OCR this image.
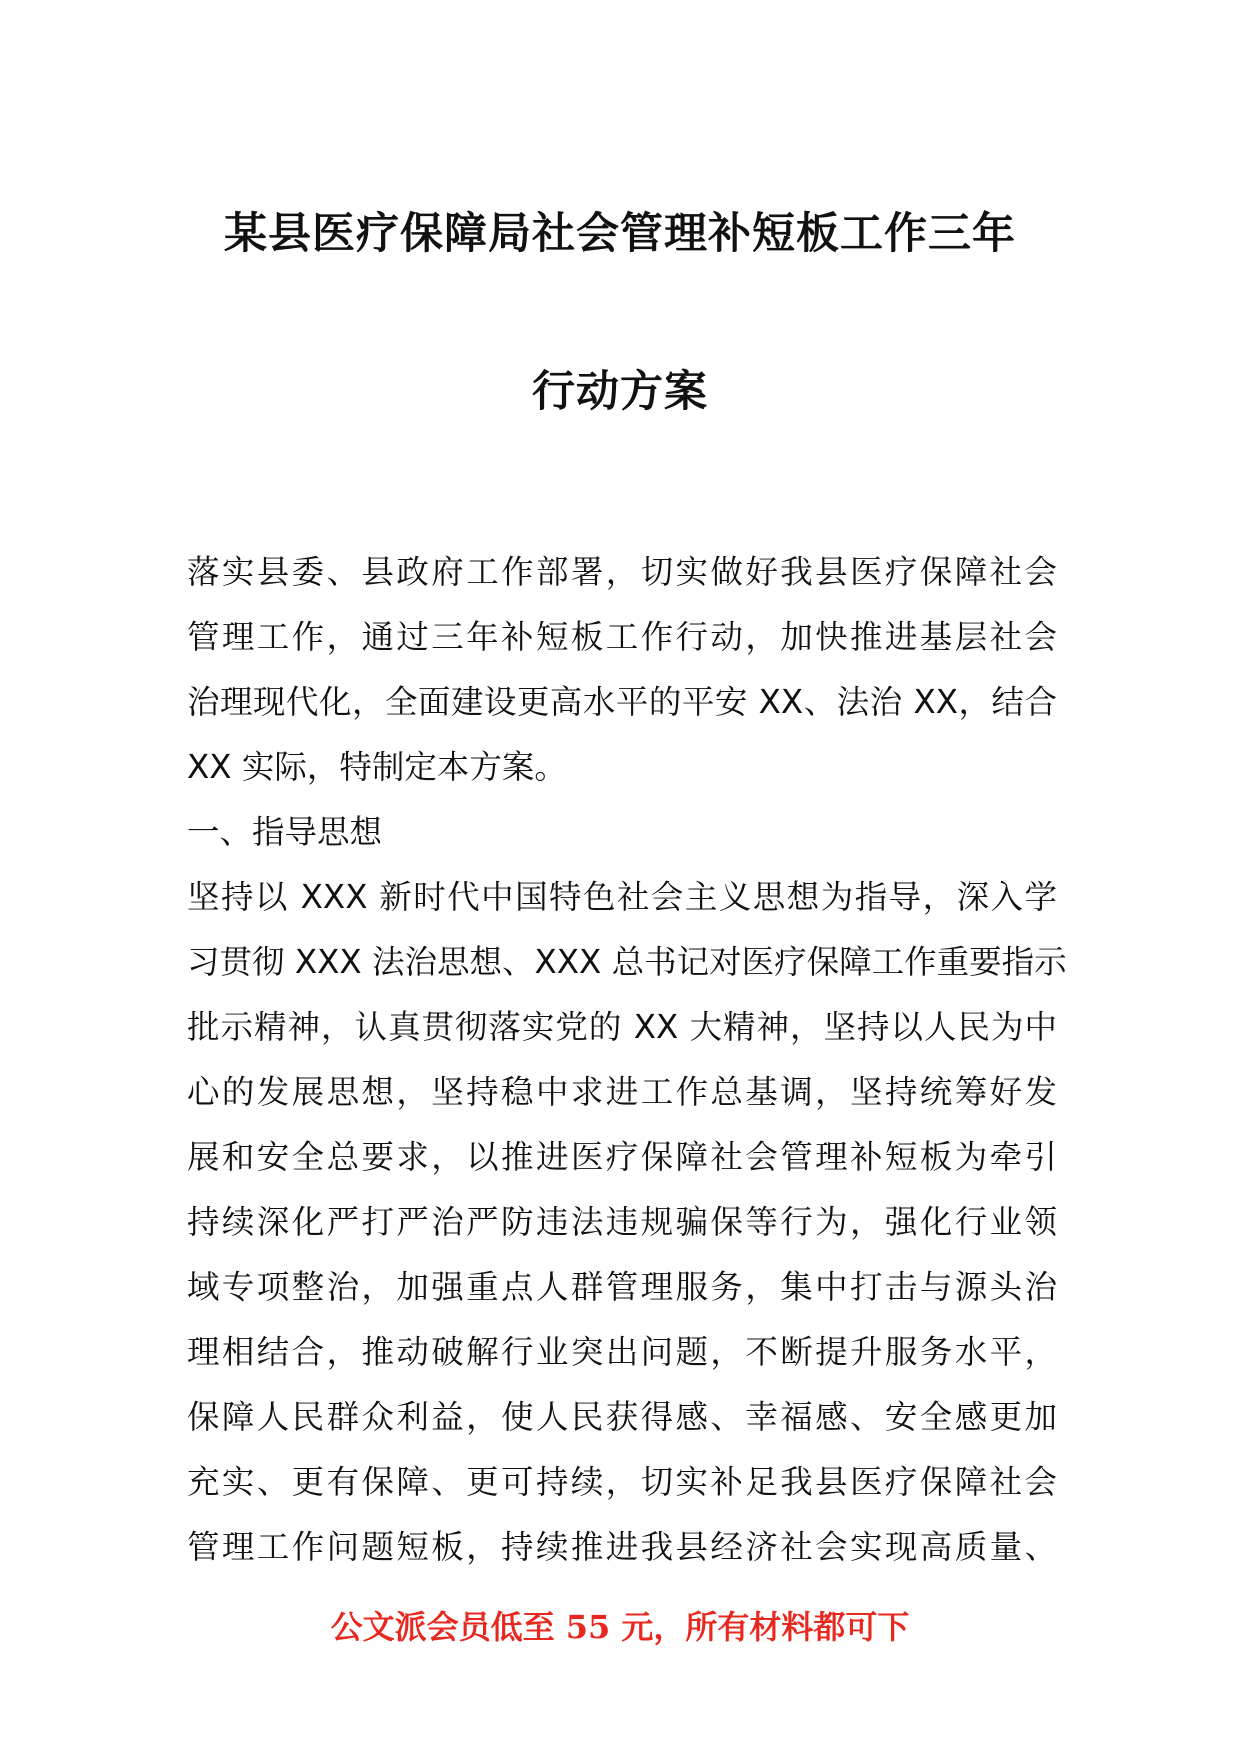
某县医疗保障局社会管理补短板工作三年
行动方案
落实县委、县政府工作部署，切实做好我县医疗保障社会
管理工作，通过三年补短板工作行动，加快推进基层社会
治理现代化，全面建设更高水平的平安 XX、法治 XX，结合
XX 实际，特制定本方案。
一、指导思想
坚持以 XXX 新时代中国特色社会主义思想为指导，深入学
习贯彻 XXX 法治思想、XXX 总书记对医疗保障工作重要指示
批示精神，认真贯彻落实党的 XX 大精神，坚持以人民为中
心的发展思想，坚持稳中求进工作总基调，坚持统筹好发
展和安全总要求，以推进医疗保障社会管理补短板为牵引
持续深化严打严治严防违法违规骗保等行为，强化行业领
域专项整治，加强重点人群管理服务，集中打击与源头治
理相结合，推动破解行业突出问题，不断提升服务水平，
保障人民群众利益，使人民获得感、幸福感、安全感更加
充实、更有保障、更可持续，切实补足我县医疗保障社会
管理工作问题短板，持续推进我县经济社会实现高质量、
公文派会员低至 55 元，所有材料都可下
